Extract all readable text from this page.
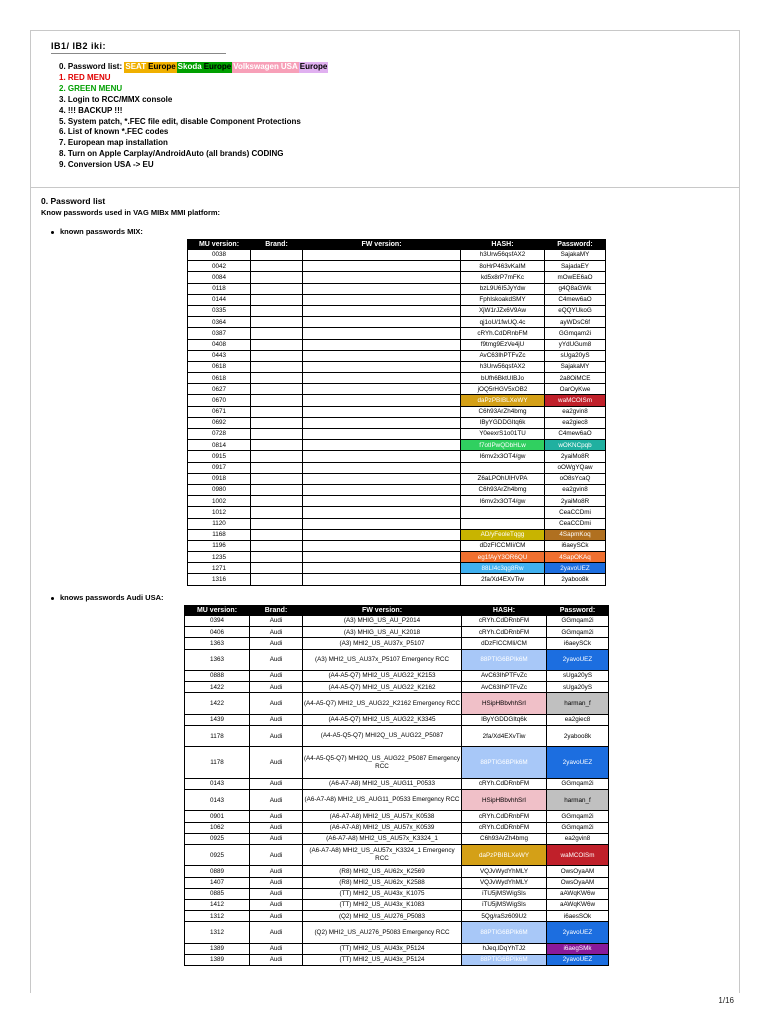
IB1/ IB2 iki:
0. Password list: SEAT Europe Skoda Europe Volkswagen USA Europe
1. RED MENU
2. GREEN MENU
3. Login to RCC/MMX console
4. !!! BACKUP !!!
5. System patch, *.FEC file edit, disable Component Protections
6. List of known *.FEC codes
7. European map installation
8. Turn on Apple Carplay/AndroidAuto (all brands) CODING
9. Conversion USA -> EU
0. Password list
Know passwords used in VAG MIBx MMI platform:
known passwords MIX:
MU version:	Brand:	FW version:	HASH:	Password:
0038			h3Urw56qsfAX2	SajakaMY
0042			8oHrP463vKaIM	SajadaEY
0084			kd5x8rP7mFKc	mOwEE6aO
0118			bzL9U6I5JyYdw	g4Q8aGWk
0144			FphIskoakdSMY	C4mew6aO
0335			XjW1rJZx6V9Aw	eQQYUkoG
0364			qj1oU/1fwUQ.4c	ayWDsC6f
0387			cRYh.CdDRnbFM	GGmqam2i
0408			f9tmg9EzVe4jU	yYdUGum8
0443			AvC63IhPTFvZc	sUga20yS
0618			h3Urw56qsfAX2	SajakaMY
0618			bUfh6BktUIBJo	2a8OiMCE
0627			jOQ5rHGV5xOB2	OarOyKwe
0670			daPzPBIBLXeWY	waMCOISm
0671			C6h93ArZh4bmg	ea2gvin8
0692			IByYGDDGItq6k	ea2giec8
0728			Y0eexrS1o01TU	C4mew6aO
0814			f7otIPwQDbHLw	wOKNCpqb
0915			I6mv2x3OT4/gw	2yaiMo8R
0917				oOWgYQaw
0918			Z6aLPOhUIHVPA	oO8sYcaQ
0980			C6h93ArZh4bmg	ea2gvin8
1002			I6mv2x3OT4/gw	2yaiMo8R
1012				CeaCCDmi
1120				CeaCCDmi
1168			AD/yFeoleTqgg	4SapmKoq
1196			dDzFICCMIi/CM	i6aeySCk
1235			eg1fAyY3OR6QU	4SapOKAq
1271			88LI4c3qg8Rw	2yavoUEZ
1316			2fa/Xd4EXvTiw	2yaboo8k
knows passwords Audi USA:
MU version:	Brand:	FW version:	HASH:	Password:
0394	Audi	(A3) MHIG_US_AU_P2014	cRYh.CdDRnbFM	GGmqam2i
0406	Audi	(A3) MHIG_US_AU_K2018	cRYh.CdDRnbFM	GGmqam2i
1363	Audi	(A3) MHI2_US_AU37x_P5107	dDzFICCMIi/CM	i6aeySCk
1363	Audi	(A3) MHI2_US_AU37x_P5107 Emergency RCC	88PTIG6BPIk6M	2yavoUEZ
0888	Audi	(A4-A5-Q7) MHI2_US_AUG22_K2153	AvC63IhPTFvZc	sUga20yS
1422	Audi	(A4-A5-Q7) MHI2_US_AUG22_K2162	AvC63IhPTFvZc	sUga20yS
1422	Audi	(A4-A5-Q7) MHI2_US_AUG22_K2162 Emergency RCC	HSipHBbvhhSrI	harman_f
1439	Audi	(A4-A5-Q7) MHI2_US_AUG22_K3345	IByYGDDGItq6k	ea2giec8
1178	Audi	(A4-A5-Q5-Q7) MHI2Q_US_AUG22_P5087	2fa/Xd4EXvTiw	2yaboo8k
1178	Audi	(A4-A5-Q5-Q7) MHI2Q_US_AUG22_P5087 Emergency RCC	88PTIG6BPIk6M	2yavoUEZ
0143	Audi	(A6-A7-A8) MHI2_US_AUG11_P0533	cRYh.CdDRnbFM	GGmqam2i
0143	Audi	(A6-A7-A8) MHI2_US_AUG11_P0533 Emergency RCC	HSipHBbvhhSrI	harman_f
0901	Audi	(A6-A7-A8) MHI2_US_AU57x_K0538	cRYh.CdDRnbFM	GGmqam2i
1062	Audi	(A6-A7-A8) MHI2_US_AU57x_K0539	cRYh.CdDRnbFM	GGmqam2i
0925	Audi	(A6-A7-A8) MHI2_US_AU57x_K3324_1	C6h93ArZh4bmg	ea2gvin8
0925	Audi	(A6-A7-A8) MHI2_US_AU57x_K3324_1 Emergency RCC	daPzPBIBLXeWY	waMCOISm
0889	Audi	(R8) MHI2_US_AU62x_K2569	VQJvWydYhMLY	OwsOyaAM
1407	Audi	(R8) MHI2_US_AU62x_K2588	VQJvWydYhMLY	OwsOyaAM
0885	Audi	(TT) MHI2_US_AU43x_K1075	iTU5jMSWigSls	aAWqKW6w
1412	Audi	(TT) MHI2_US_AU43x_K1083	iTU5jMSWigSls	aAWqKW6w
1312	Audi	(Q2) MHI2_US_AU276_P5083	5Qg/raSz609U2	i6aesSOk
1312	Audi	(Q2) MHI2_US_AU276_P5083 Emergency RCC	88PTIG6BPIk6M	2yavoUEZ
1389	Audi	(TT) MHI2_US_AU43x_P5124	hJeq.lDqYhTJ2	i6aegSMk
1389	Audi	(TT) MHI2_US_AU43x_P5124	88PTIG6BPIk6M	2yavoUEZ
1/16
